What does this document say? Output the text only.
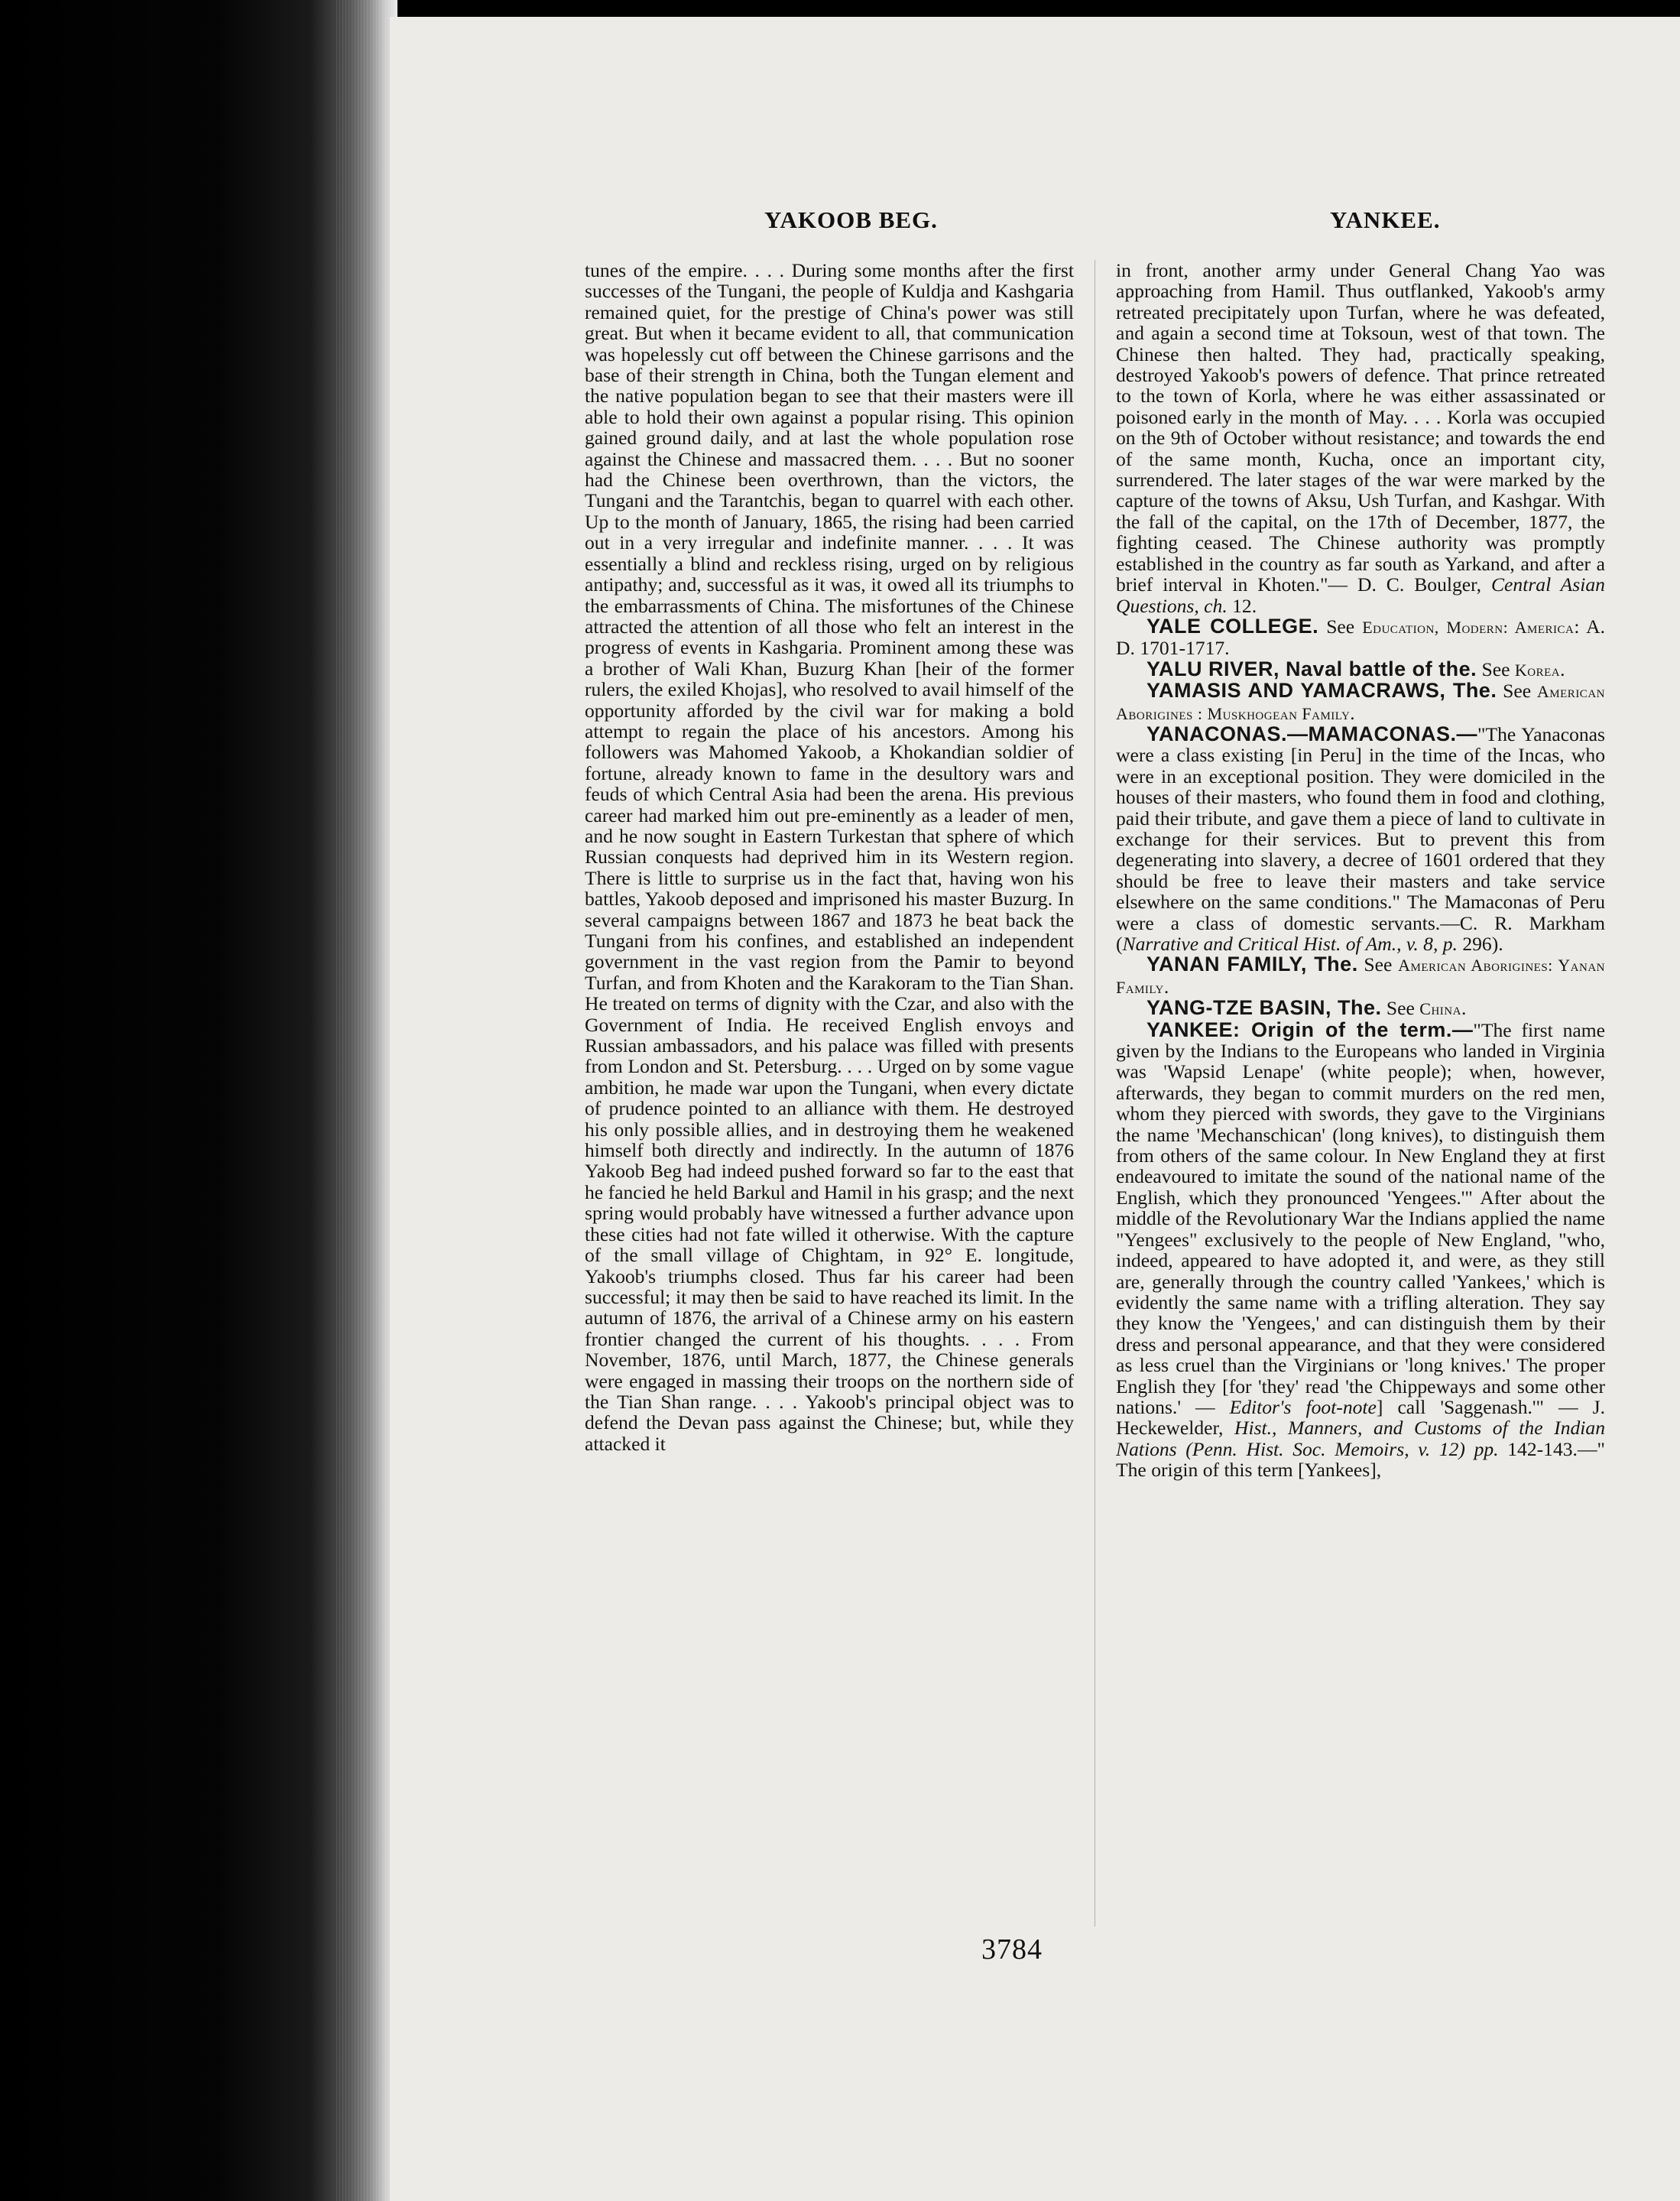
YAKOOB BEG.	YANKEE.

tunes of the empire. . . . During some months after the first successes of the Tungani, the people of Kuldja and Kashgaria remained quiet, for the prestige of China's power was still great. But when it became evident to all, that communication was hopelessly cut off between the Chinese garrisons and the base of their strength in China, both the Tungan element and the native population began to see that their masters were ill able to hold their own against a popular rising. This opinion gained ground daily, and at last the whole population rose against the Chinese and massacred them. . . . But no sooner had the Chinese been overthrown, than the victors, the Tungani and the Tarantchis, began to quarrel with each other. Up to the month of January, 1865, the rising had been carried out in a very irregular and indefinite manner. . . . It was essentially a blind and reckless rising, urged on by religious antipathy; and, successful as it was, it owed all its triumphs to the embarrassments of China. The misfortunes of the Chinese attracted the attention of all those who felt an interest in the progress of events in Kashgaria. Prominent among these was a brother of Wali Khan, Buzurg Khan [heir of the former rulers, the exiled Khojas], who resolved to avail himself of the opportunity afforded by the civil war for making a bold attempt to regain the place of his ancestors. Among his followers was Mahomed Yakoob, a Khokandian soldier of fortune, already known to fame in the desultory wars and feuds of which Central Asia had been the arena. His previous career had marked him out pre-eminently as a leader of men, and he now sought in Eastern Turkestan that sphere of which Russian conquests had deprived him in its Western region. There is little to surprise us in the fact that, having won his battles, Yakoob deposed and imprisoned his master Buzurg. In several campaigns between 1867 and 1873 he beat back the Tungani from his confines, and established an independent government in the vast region from the Pamir to beyond Turfan, and from Khoten and the Karakoram to the Tian Shan. He treated on terms of dignity with the Czar, and also with the Government of India. He received English envoys and Russian ambassadors, and his palace was filled with presents from London and St. Petersburg. . . . Urged on by some vague ambition, he made war upon the Tungani, when every dictate of prudence pointed to an alliance with them. He destroyed his only possible allies, and in destroying them he weakened himself both directly and indirectly. In the autumn of 1876 Yakoob Beg had indeed pushed forward so far to the east that he fancied he held Barkul and Hamil in his grasp; and the next spring would probably have witnessed a further advance upon these cities had not fate willed it otherwise. With the capture of the small village of Chightam, in 92° E. longitude, Yakoob's triumphs closed. Thus far his career had been successful; it may then be said to have reached its limit. In the autumn of 1876, the arrival of a Chinese army on his eastern frontier changed the current of his thoughts. . . . From November, 1876, until March, 1877, the Chinese generals were engaged in massing their troops on the northern side of the Tian Shan range. . . . Yakoob's principal object was to defend the Devan pass against the Chinese; but, while they attacked it

in front, another army under General Chang Yao was approaching from Hamil. Thus outflanked, Yakoob's army retreated precipitately upon Turfan, where he was defeated, and again a second time at Toksoun, west of that town. The Chinese then halted. They had, practically speaking, destroyed Yakoob's powers of defence. That prince retreated to the town of Korla, where he was either assassinated or poisoned early in the month of May. . . . Korla was occupied on the 9th of October without resistance; and towards the end of the same month, Kucha, once an important city, surrendered. The later stages of the war were marked by the capture of the towns of Aksu, Ush Turfan, and Kashgar. With the fall of the capital, on the 17th of December, 1877, the fighting ceased. The Chinese authority was promptly established in the country as far south as Yarkand, and after a brief interval in Khoten."— D. C. Boulger, Central Asian Questions, ch. 12.

YALE COLLEGE. See Education, Modern: America: A. D. 1701-1717.

YALU RIVER, Naval battle of the. See Korea.

YAMASIS AND YAMACRAWS, The. See American Aborigines : Muskhogean Family.

YANACONAS.—MAMACONAS.—"The Yanaconas were a class existing [in Peru] in the time of the Incas, who were in an exceptional position. They were domiciled in the houses of their masters, who found them in food and clothing, paid their tribute, and gave them a piece of land to cultivate in exchange for their services. But to prevent this from degenerating into slavery, a decree of 1601 ordered that they should be free to leave their masters and take service elsewhere on the same conditions." The Mamaconas of Peru were a class of domestic servants.—C. R. Markham (Narrative and Critical Hist. of Am., v. 8, p. 296).

YANAN FAMILY, The. See American Aborigines: Yanan Family.

YANG-TZE BASIN, The. See China.

YANKEE: Origin of the term.—"The first name given by the Indians to the Europeans who landed in Virginia was 'Wapsid Lenape' (white people); when, however, afterwards, they began to commit murders on the red men, whom they pierced with swords, they gave to the Virginians the name 'Mechanschican' (long knives), to distinguish them from others of the same colour. In New England they at first endeavoured to imitate the sound of the national name of the English, which they pronounced 'Yengees.'" After about the middle of the Revolutionary War the Indians applied the name "Yengees" exclusively to the people of New England, "who, indeed, appeared to have adopted it, and were, as they still are, generally through the country called 'Yankees,' which is evidently the same name with a trifling alteration. They say they know the 'Yengees,' and can distinguish them by their dress and personal appearance, and that they were considered as less cruel than the Virginians or 'long knives.' The proper English they [for 'they' read 'the Chippeways and some other nations.' — Editor's foot-note] call 'Saggenash.'" — J. Heckewelder, Hist., Manners, and Customs of the Indian Nations (Penn. Hist. Soc. Memoirs, v. 12) pp. 142-143.—" The origin of this term [Yankees],

3784
